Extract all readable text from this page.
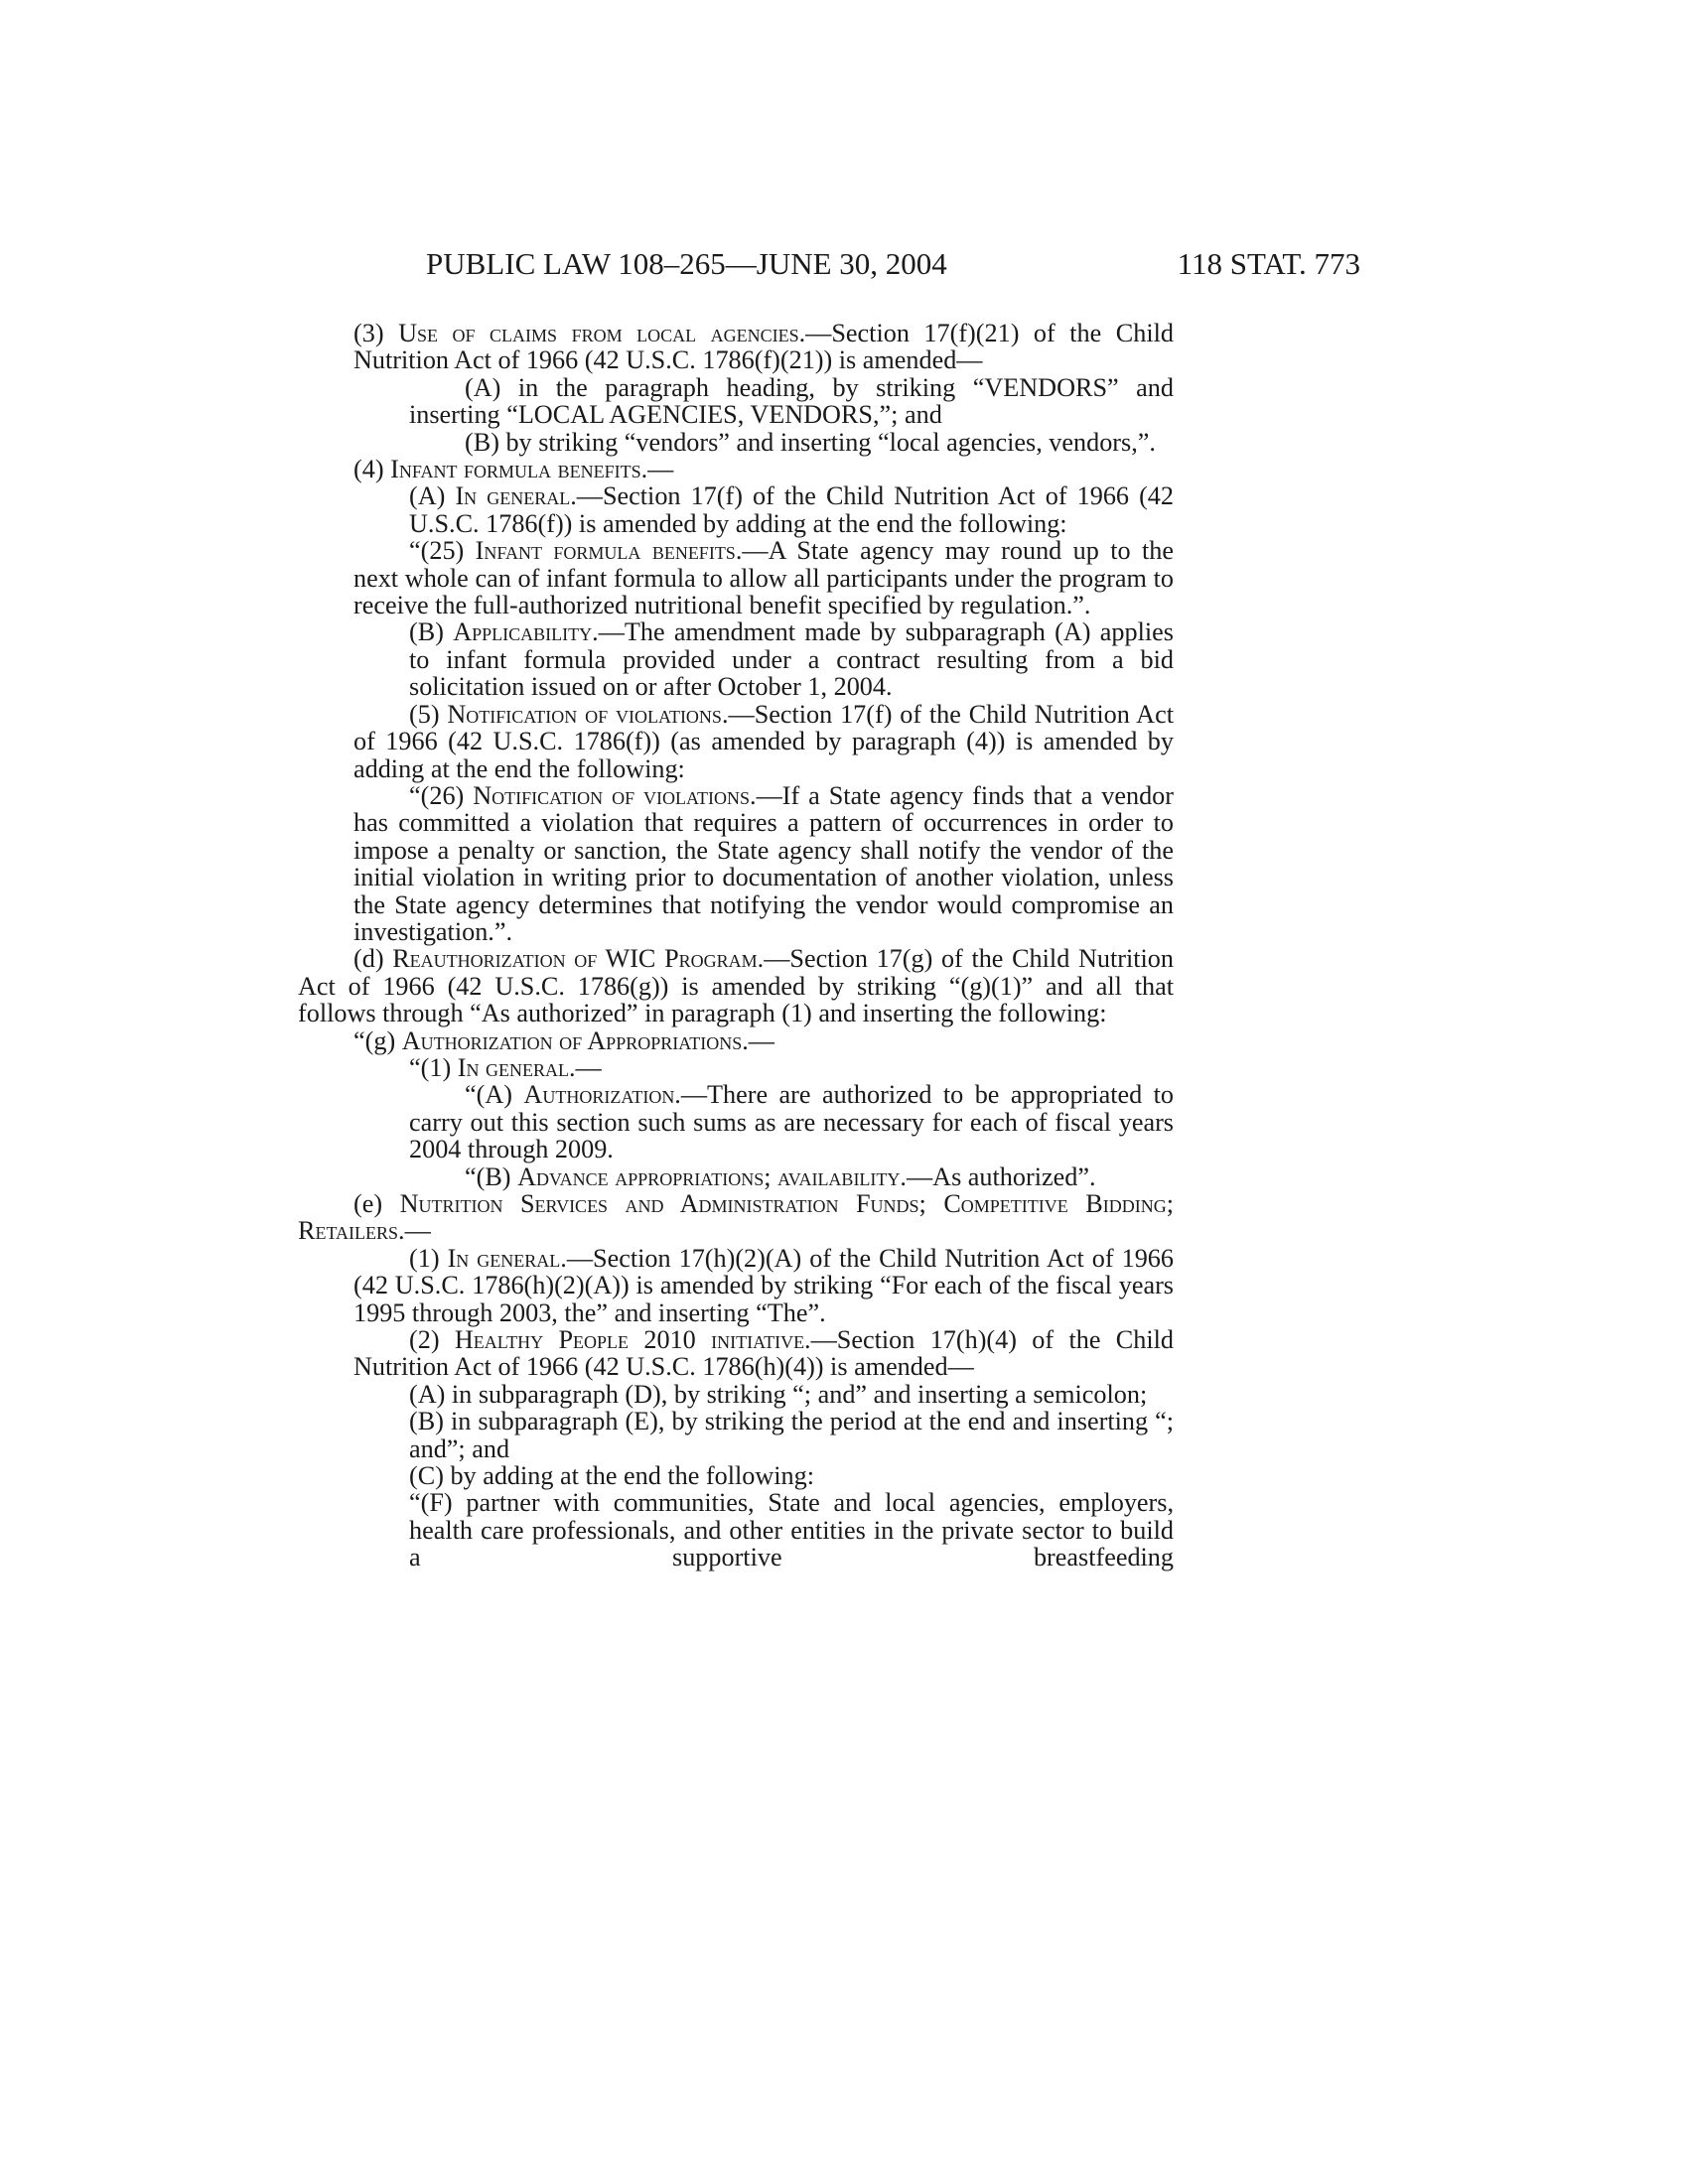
PUBLIC LAW 108–265—JUNE 30, 2004	118 STAT. 773
(3) Use of claims from local agencies.—Section 17(f)(21) of the Child Nutrition Act of 1966 (42 U.S.C. 1786(f)(21)) is amended—
(A) in the paragraph heading, by striking “VENDORS” and inserting “LOCAL AGENCIES, VENDORS,”; and
(B) by striking “vendors” and inserting “local agencies, vendors,”.
(4) Infant formula benefits.—
(A) In general.—Section 17(f) of the Child Nutrition Act of 1966 (42 U.S.C. 1786(f)) is amended by adding at the end the following:
“(25) Infant formula benefits.—A State agency may round up to the next whole can of infant formula to allow all participants under the program to receive the full-authorized nutritional benefit specified by regulation.”.
(B) Applicability.—The amendment made by subparagraph (A) applies to infant formula provided under a contract resulting from a bid solicitation issued on or after October 1, 2004.
(5) Notification of violations.—Section 17(f) of the Child Nutrition Act of 1966 (42 U.S.C. 1786(f)) (as amended by paragraph (4)) is amended by adding at the end the following:
“(26) Notification of violations.—If a State agency finds that a vendor has committed a violation that requires a pattern of occurrences in order to impose a penalty or sanction, the State agency shall notify the vendor of the initial violation in writing prior to documentation of another violation, unless the State agency determines that notifying the vendor would compromise an investigation.”.
(d) Reauthorization of WIC Program.—Section 17(g) of the Child Nutrition Act of 1966 (42 U.S.C. 1786(g)) is amended by striking “(g)(1)” and all that follows through “As authorized” in paragraph (1) and inserting the following:
“(g) Authorization of Appropriations.—
“(1) In general.—
“(A) Authorization.—There are authorized to be appropriated to carry out this section such sums as are necessary for each of fiscal years 2004 through 2009.
“(B) Advance appropriations; availability.—As authorized”.
(e) Nutrition Services and Administration Funds; Competitive Bidding; Retailers.—
(1) In general.—Section 17(h)(2)(A) of the Child Nutrition Act of 1966 (42 U.S.C. 1786(h)(2)(A)) is amended by striking “For each of the fiscal years 1995 through 2003, the” and inserting “The”.
(2) Healthy People 2010 initiative.—Section 17(h)(4) of the Child Nutrition Act of 1966 (42 U.S.C. 1786(h)(4)) is amended—
(A) in subparagraph (D), by striking “; and” and inserting a semicolon;
(B) in subparagraph (E), by striking the period at the end and inserting “; and”; and
(C) by adding at the end the following:
“(F) partner with communities, State and local agencies, employers, health care professionals, and other entities in the private sector to build a supportive breastfeeding
